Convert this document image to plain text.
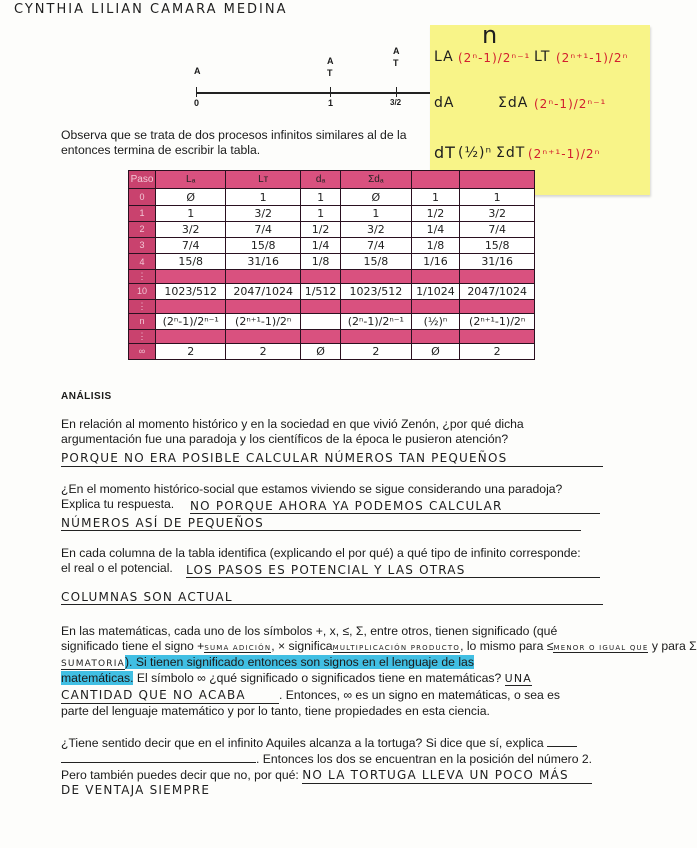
CYNTHIA LILIAN CAMARA MEDINA
A
A
T
A
T
0	1	3/2
Observa que se trata de dos procesos infinitos similares al de la
entonces termina de escribir la tabla.
n
LA (2ⁿ-1)/2ⁿ⁻¹ LT (2ⁿ⁺¹-1)/2ⁿ
dA	ΣdA (2ⁿ-1)/2ⁿ⁻¹
dT (½)ⁿ ΣdT (2ⁿ⁺¹-1)/2ⁿ
Paso	Lₐ	Lт	dₐ	Σdₐ		
0	Ø	1	1	Ø	1	1
1	1	3/2	1	1	1/2	3/2
2	3/2	7/4	1/2	3/2	1/4	7/4
3	7/4	15/8	1/4	7/4	1/8	15/8
4	15/8	31/16	1/8	15/8	1/16	31/16
⋮						
10	1023/512	2047/1024	1/512	1023/512	1/1024	2047/1024
⋮						
n	(2ⁿ-1)/2ⁿ⁻¹	(2ⁿ⁺¹-1)/2ⁿ		(2ⁿ-1)/2ⁿ⁻¹	(½)ⁿ	(2ⁿ⁺¹-1)/2ⁿ
⋮						
∞	2	2	Ø	2	Ø	2
ANÁLISIS
En relación al momento histórico y en la sociedad en que vivió Zenón, ¿por qué dicha argumentación fue una paradoja y los científicos de la época le pusieron atención?
PORQUE NO ERA POSIBLE CALCULAR NÚMEROS TAN PEQUEÑOS
¿En el momento histórico-social que estamos viviendo se sigue considerando una paradoja?
Explica tu respuesta.	NO PORQUE AHORA YA PODEMOS CALCULAR
NÚMEROS ASÍ DE PEQUEÑOS
En cada columna de la tabla identifica (explicando el por qué) a qué tipo de infinito corresponde:
el real o el potencial.	LOS PASOS ES POTENCIAL Y LAS OTRAS
COLUMNAS SON ACTUAL
En las matemáticas, cada uno de los símbolos +, x, ≤, Σ, entre otros, tienen significado (qué
significado tiene el signo +SUMA ADICIÓN, × significaMULTIPLICACIÓN PRODUCTO, lo mismo para ≤MENOR O IGUAL QUE y para Σ
SUMATORIA). Si tienen significado entonces son signos en el lenguaje de las
matemáticas. El símbolo ∞ ¿qué significado o significados tiene en matemáticas? UNA
CANTIDAD QUE NO ACABA	. Entonces, ∞ es un signo en matemáticas, o sea es
parte del lenguaje matemático y por lo tanto, tiene propiedades en esta ciencia.
¿Tiene sentido decir que en el infinito Aquiles alcanza a la tortuga? Si dice que sí, explica
. Entonces los dos se encuentran en la posición del número 2.
Pero también puedes decir que no, por qué: NO LA TORTUGA LLEVA UN POCO MÁS
DE VENTAJA SIEMPRE
